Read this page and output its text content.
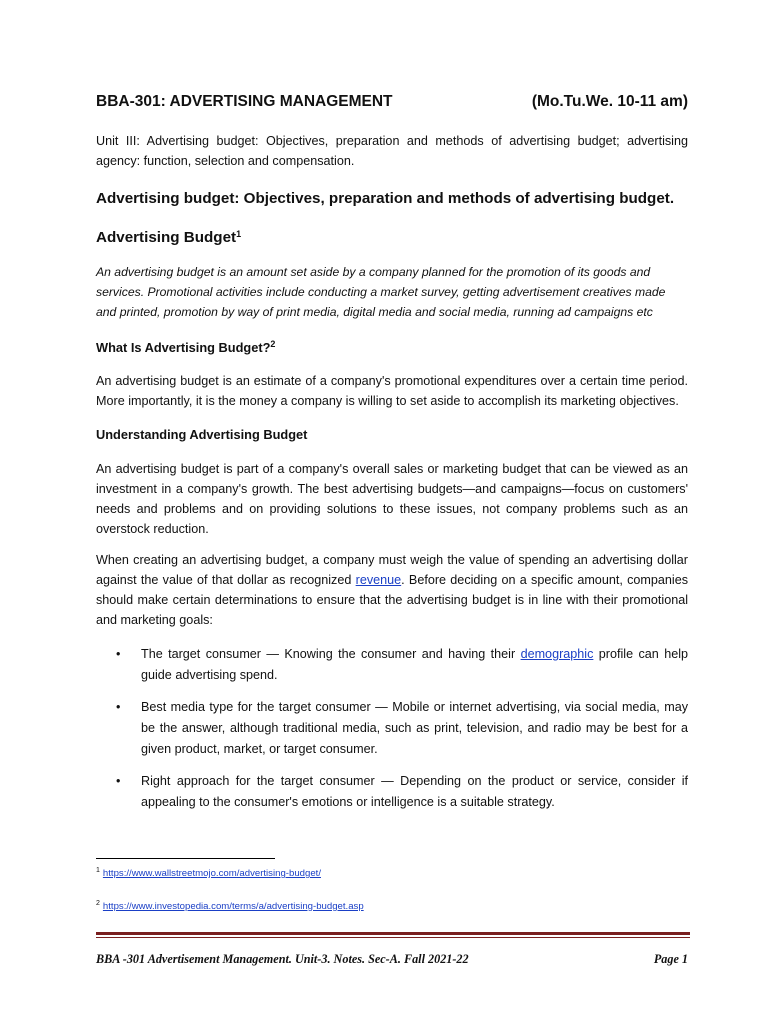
BBA-301: ADVERTISING MANAGEMENT	(Mo.Tu.We. 10-11 am)
Unit III: Advertising budget: Objectives, preparation and methods of advertising budget; advertising agency: function, selection and compensation.
Advertising budget: Objectives, preparation and methods of advertising budget.
Advertising Budget$^1$
An advertising budget is an amount set aside by a company planned for the promotion of its goods and services. Promotional activities include conducting a market survey, getting advertisement creatives made and printed, promotion by way of print media, digital media and social media, running ad campaigns etc
What Is Advertising Budget?$^2$
An advertising budget is an estimate of a company's promotional expenditures over a certain time period. More importantly, it is the money a company is willing to set aside to accomplish its marketing objectives.
Understanding Advertising Budget
An advertising budget is part of a company's overall sales or marketing budget that can be viewed as an investment in a company's growth. The best advertising budgets—and campaigns—focus on customers' needs and problems and on providing solutions to these issues, not company problems such as an overstock reduction.
When creating an advertising budget, a company must weigh the value of spending an advertising dollar
against the value of that dollar as recognized revenue. Before deciding on a specific amount, companies
should make certain determinations to ensure that the advertising budget is in line with their promotional
and marketing goals:
• The target consumer — Knowing the consumer and having their demographic profile can help guide advertising spend.
• Best media type for the target consumer — Mobile or internet advertising, via social media, may be the answer, although traditional media, such as print, television, and radio may be best for a given product, market, or target consumer.
• Right approach for the target consumer — Depending on the product or service, consider if appealing to the consumer's emotions or intelligence is a suitable strategy.
$^1$ https://www.wallstreetmojo.com/advertising-budget/
$^2$ https://www.investopedia.com/terms/a/advertising-budget.asp
BBA -301 Advertisement Management. Unit-3. Notes. Sec-A. Fall 2021-22	Page 1
